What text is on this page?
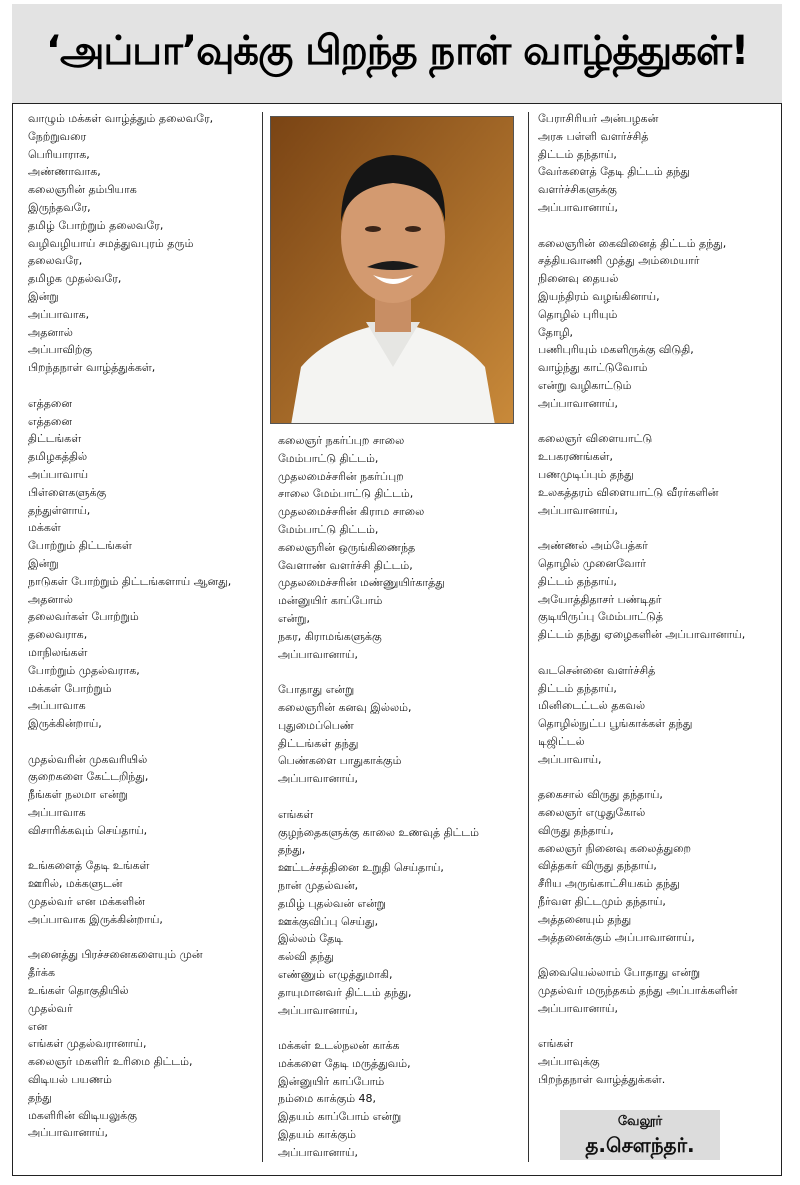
‘அப்பா’வுக்கு பிறந்த நாள் வாழ்த்துகள்!
வாழும் மக்கள் வாழ்த்தும் தலைவரே,
நேற்றுவரை
பெரியாராக,
அண்ணாவாக,
கலைஞரின் தம்பியாக
இருந்தவரே,
தமிழ் போற்றும் தலைவரே,
வழிவழியாய் சமத்துவபுரம் தரும்
தலைவரே,
தமிழக முதல்வரே,
இன்று
அப்பாவாக,
அதனால்
அப்பாவிற்கு
பிறந்தநாள் வாழ்த்துக்கள்,
எத்தனை
எத்தனை
திட்டங்கள்
தமிழகத்தில்
அப்பாவாய்
பிள்ளைகளுக்கு
தந்துள்ளாய்,
மக்கள்
போற்றும் திட்டங்கள்
இன்று
நாடுகள் போற்றும் திட்டங்களாய் ஆனது,
அதனால்
தலைவர்கள் போற்றும்
தலைவராக,
மாநிலங்கள்
போற்றும் முதல்வராக,
மக்கள் போற்றும்
அப்பாவாக
இருக்கின்றாய்,
முதல்வரின் முகவரியில்
குறைகளை கேட்டறிந்து,
நீங்கள் நலமா என்று
அப்பாவாக
விசாரிக்கவும் செய்தாய்,
உங்களைத் தேடி உங்கள்
ஊரில், மக்களுடன்
முதல்வர் என மக்களின்
அப்பாவாக இருக்கின்றாய்,
அனைத்து பிரச்சனைகளையும் முன்
தீர்க்க
உங்கள் தொகுதியில்
முதல்வர்
என
எங்கள் முதல்வரானாய்,
கலைஞர் மகளிர் உரிமை திட்டம்,
விடியல் பயணம்
தந்து
மகளிரின் விடியலுக்கு
அப்பாவானாய்,
கலைஞர் நகர்ப்புற சாலை
மேம்பாட்டு திட்டம்,
முதலமைச்சரின் நகர்ப்புற
சாலை மேம்பாட்டு திட்டம்,
முதலமைச்சரின் கிராம சாலை
மேம்பாட்டு திட்டம்,
கலைஞரின் ஒருங்கிணைந்த
வேளாண் வளர்ச்சி திட்டம்,
முதலமைச்சரின் மண்ணுயிர்காத்து
மன்னுயிர் காப்போம்
என்று,
நகர, கிராமங்களுக்கு
அப்பாவானாய்,
போதாது என்று
கலைஞரின் கனவு இல்லம்,
புதுமைப்பெண்
திட்டங்கள் தந்து
பெண்களை பாதுகாக்கும்
அப்பாவானாய்,
எங்கள்
குழந்தைகளுக்கு காலை உணவுத் திட்டம்
தந்து,
ஊட்டச்சத்தினை உறுதி செய்தாய்,
நான் முதல்வன்,
தமிழ் புதல்வன் என்று
ஊக்குவிப்பு செய்து,
இல்லம் தேடி
கல்வி தந்து
எண்ணும் எழுத்துமாகி,
தாயுமானவர் திட்டம் தந்து,
அப்பாவானாய்,
மக்கள் உடல்நலன் காக்க
மக்களை தேடி மருத்துவம்,
இன்னுயிர் காப்போம்
நம்மை காக்கும் 48,
இதயம் காப்போம் என்று
இதயம் காக்கும்
அப்பாவானாய்,
பேராசிரியர் அன்பழகன்
அரசு பள்ளி வளர்ச்சித்
திட்டம் தந்தாய்,
வேர்களைத் தேடி திட்டம் தந்து
வளர்ச்சிகளுக்கு
அப்பாவானாய்,
கலைஞரின் கைவினைத் திட்டம் தந்து,
சத்தியவாணி முத்து அம்மையார்
நினைவு தையல்
இயந்திரம் வழங்கினாய்,
தொழில் புரியும்
தோழி,
பணிபுரியும் மகளிருக்கு விடுதி,
வாழ்ந்து காட்டுவோம்
என்று வழிகாட்டும்
அப்பாவானாய்,
கலைஞர் விளையாட்டு
உபகரணங்கள்,
பணமுடிப்பும் தந்து
உலகத்தரம் விளையாட்டு வீரர்களின்
அப்பாவானாய்,
அண்ணல் அம்பேத்கர்
தொழில் முனைவோர்
திட்டம் தந்தாய்,
அயோத்திதாசர் பண்டிதர்
குடியிருப்பு மேம்பாட்டுத்
திட்டம் தந்து ஏழைகளின் அப்பாவானாய்,
வடசென்னை வளர்ச்சித்
திட்டம் தந்தாய்,
மினிடைட்டல் தகவல்
தொழில்நுட்ப பூங்காக்கள் தந்து
டிஜிட்டல்
அப்பாவாய்,
தகைசால் விருது தந்தாய்,
கலைஞர் எழுதுகோல்
விருது தந்தாய்,
கலைஞர் நினைவு கலைத்துறை
வித்தகர் விருது தந்தாய்,
சீரிய அருங்காட்சியகம் தந்து
நீர்வள திட்டமும் தந்தாய்,
அத்தனையும் தந்து
அத்தனைக்கும் அப்பாவானாய்,
இவையெல்லாம் போதாது என்று
முதல்வர் மருந்தகம் தந்து அப்பாக்களின்
அப்பாவானாய்,
எங்கள்
அப்பாவுக்கு
பிறந்தநாள் வாழ்த்துக்கள்.
வேலூர்
த.சௌந்தர்.
